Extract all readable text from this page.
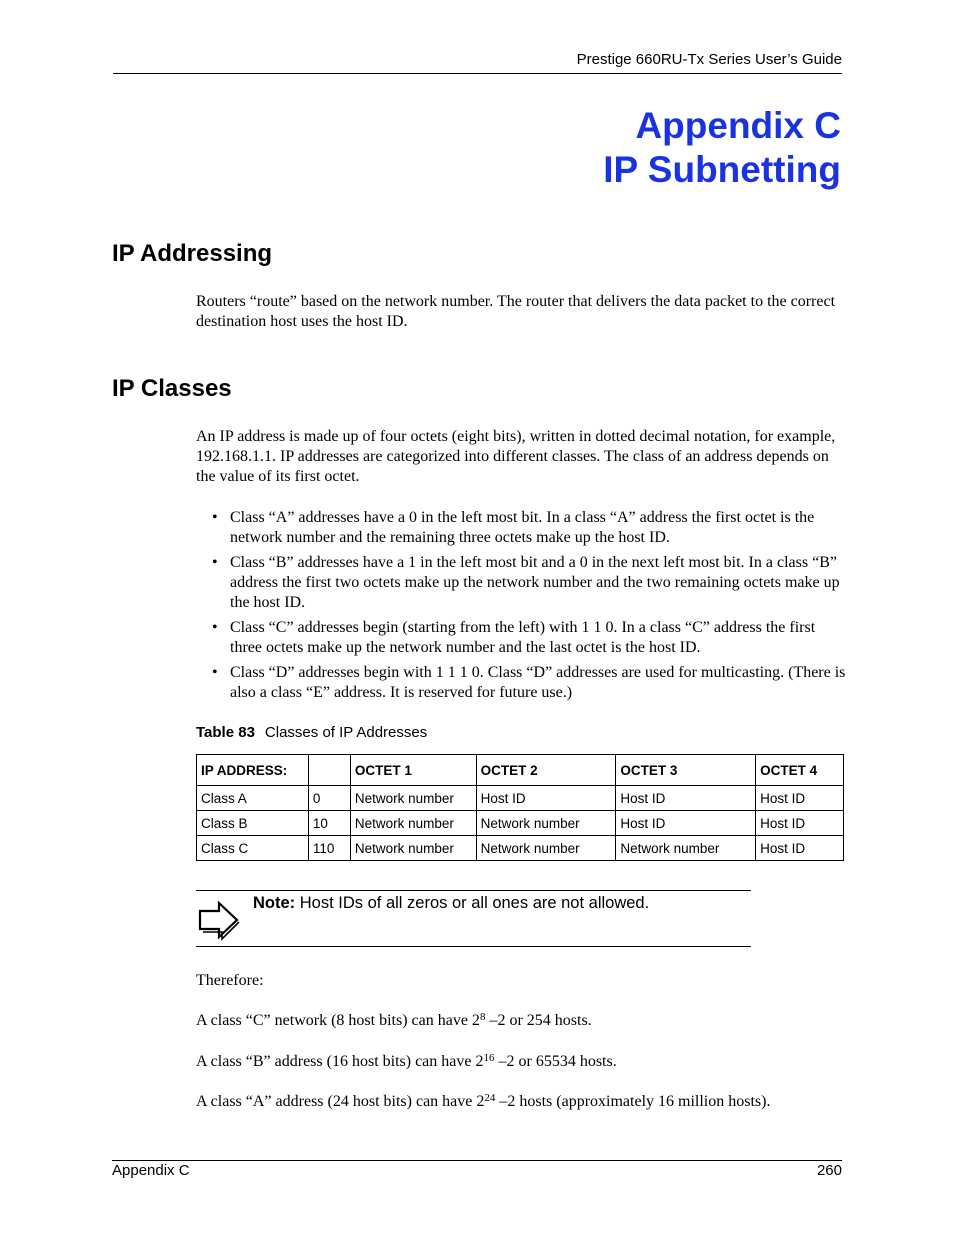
Prestige 660RU-Tx Series User’s Guide
Appendix C
IP Subnetting
IP Addressing
Routers “route” based on the network number. The router that delivers the data packet to the correct destination host uses the host ID.
IP Classes
An IP address is made up of four octets (eight bits), written in dotted decimal notation, for example, 192.168.1.1. IP addresses are categorized into different classes. The class of an address depends on the value of its first octet.
• Class “A” addresses have a 0 in the left most bit. In a class “A” address the first octet is the network number and the remaining three octets make up the host ID.
• Class “B” addresses have a 1 in the left most bit and a 0 in the next left most bit. In a class “B” address the first two octets make up the network number and the two remaining octets make up the host ID.
• Class “C” addresses begin (starting from the left) with 1 1 0. In a class “C” address the first three octets make up the network number and the last octet is the host ID.
• Class “D” addresses begin with 1 1 1 0. Class “D” addresses are used for multicasting. (There is also a class “E” address. It is reserved for future use.)
Table 83 Classes of IP Addresses
IP ADDRESS:		OCTET 1	OCTET 2	OCTET 3	OCTET 4
Class A	0	Network number	Host ID	Host ID	Host ID
Class B	10	Network number	Network number	Host ID	Host ID
Class C	110	Network number	Network number	Network number	Host ID
Note: Host IDs of all zeros or all ones are not allowed.
Therefore:
A class “C” network (8 host bits) can have $2^8$ –2 or 254 hosts.
A class “B” address (16 host bits) can have $2^{16}$ –2 or 65534 hosts.
A class “A” address (24 host bits) can have $2^{24}$ –2 hosts (approximately 16 million hosts).
Appendix C	260
